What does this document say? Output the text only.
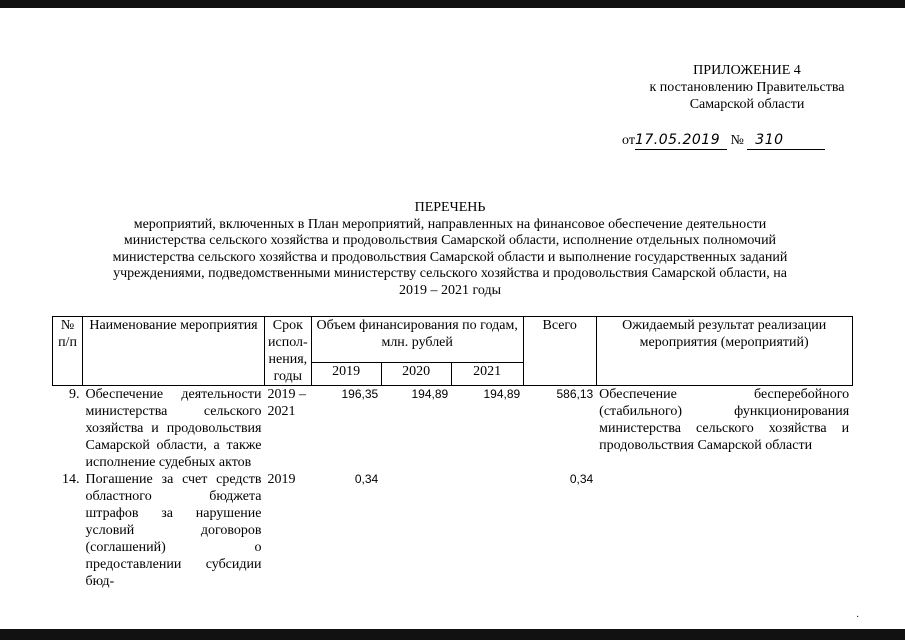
ПРИЛОЖЕНИЕ 4
к постановлению Правительства
Самарской области
от17.05.2019 № 310
ПЕРЕЧЕНЬ
мероприятий, включенных в План мероприятий, направленных на финансовое обеспечение деятельности министерства сельского хозяйства и продовольствия Самарской области, исполнение отдельных полномочий министерства сельского хозяйства и продовольствия Самарской области и выполнение государственных заданий учреждениями, подведомственными министерству сельского хозяйства и продовольствия Самарской области, на 2019 – 2021 годы
№ п/п	Наименование мероприятия	Срок испол-нения, годы	Объем финансирования по годам, млн. рублей			Всего	Ожидаемый результат реализации мероприятия (мероприятий)
			2019	2020	2021		
9.	Обеспечение деятельности министерства сельского хозяйства и продовольствия Самарской области, а также исполнение судебных актов	2019 – 2021	196,35	194,89	194,89	586,13	Обеспечение бесперебойного (стабильного) функционирования министерства сельского хозяйства и продовольствия Самарской области
14.	Погашение за счет средств областного бюджета штрафов за нарушение условий договоров (соглашений) о предоставлении субсидии бюд-	2019	0,34			0,34	
·
